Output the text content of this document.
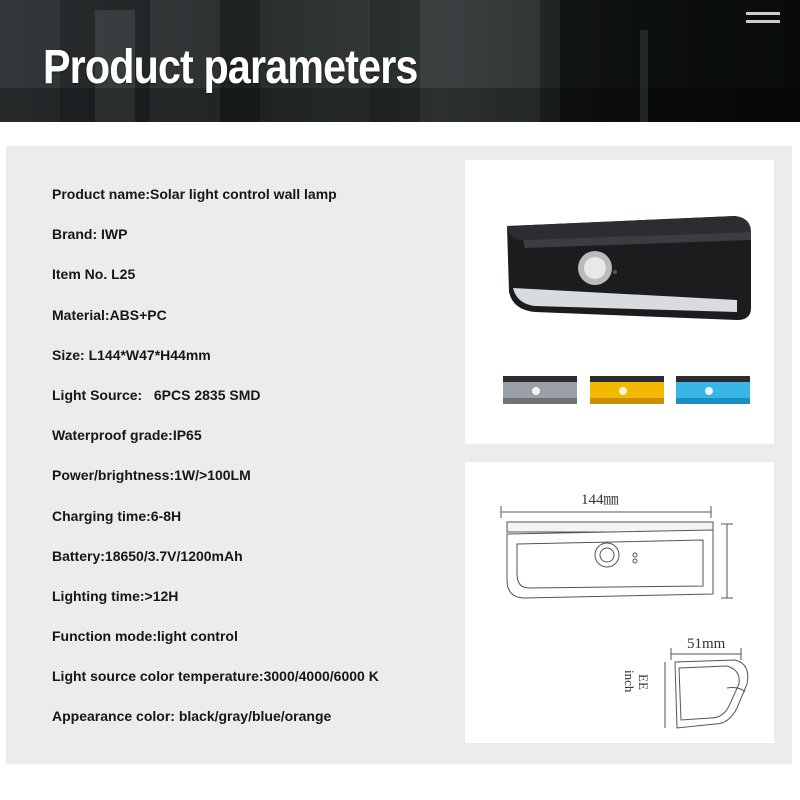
Product parameters
Product name:Solar light control wall lamp
Brand: IWP
Item No. L25
Material:ABS+PC
Size: L144*W47*H44mm
Light Source:   6PCS 2835 SMD
Waterproof grade:IP65
Power/brightness:1W/>100LM
Charging time:6-8H
Battery:18650/3.7V/1200mAh
Lighting time:>12H
Function mode:light control
Light source color temperature:3000/4000/6000 K
Appearance color: black/gray/blue/orange
144㎜
51mm
EE
inch
